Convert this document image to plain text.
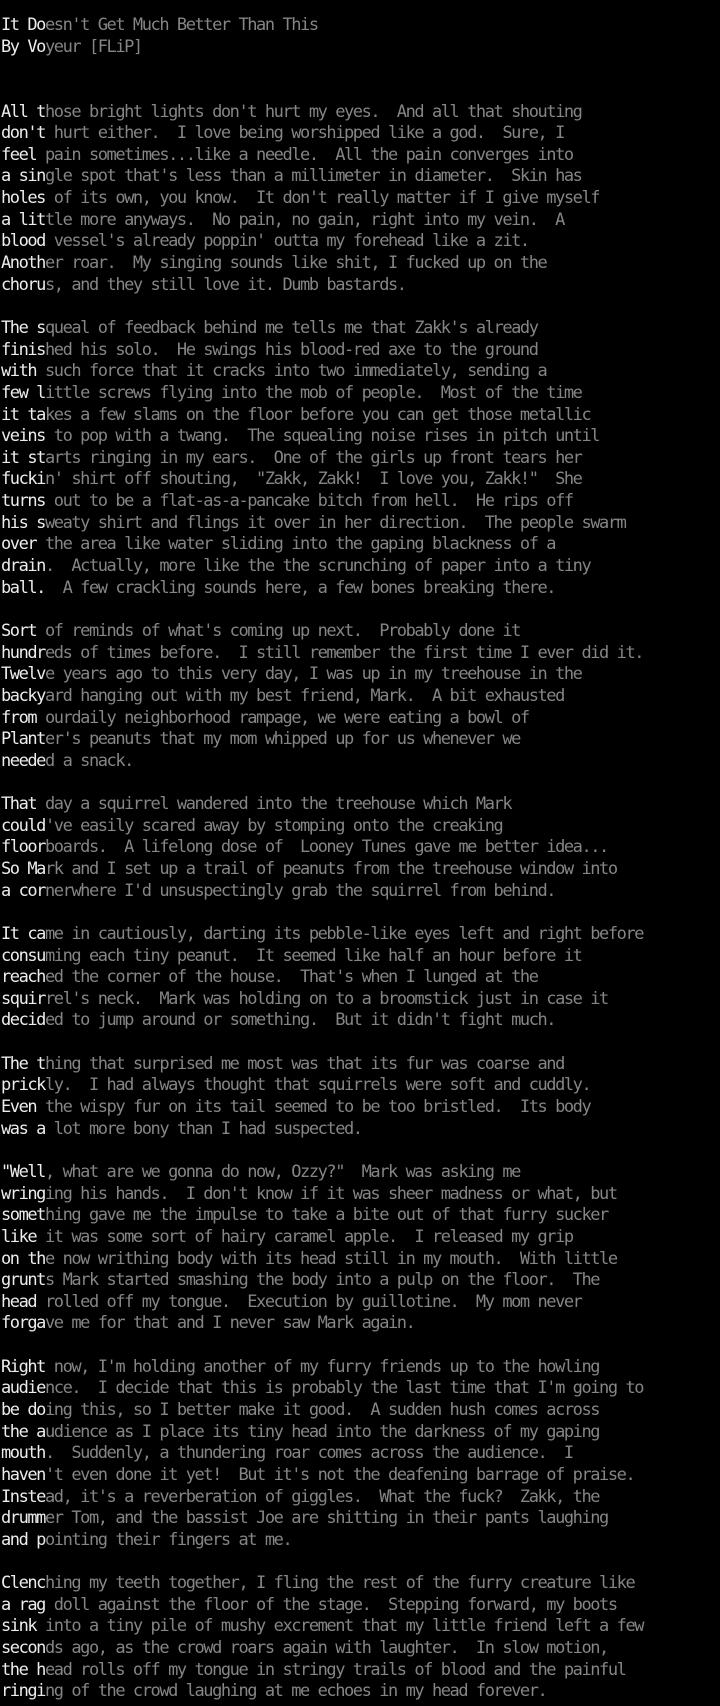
It Doesn't Get Much Better Than This
By Voyeur [FLiP]
All those bright lights don't hurt my eyes.  And all that shouting
don't hurt either.  I love being worshipped like a god.  Sure, I
feel pain sometimes...like a needle.  All the pain converges into
a single spot that's less than a millimeter in diameter.  Skin has
holes of its own, you know.  It don't really matter if I give myself
a little more anyways.  No pain, no gain, right into my vein.  A
blood vessel's already poppin' outta my forehead like a zit.
Another roar.  My singing sounds like shit, I fucked up on the
chorus, and they still love it. Dumb bastards.
The squeal of feedback behind me tells me that Zakk's already
finished his solo.  He swings his blood-red axe to the ground
with such force that it cracks into two immediately, sending a
few little screws flying into the mob of people.  Most of the time
it takes a few slams on the floor before you can get those metallic
veins to pop with a twang.  The squealing noise rises in pitch until
it starts ringing in my ears.  One of the girls up front tears her
fuckin' shirt off shouting,  "Zakk, Zakk!  I love you, Zakk!"  She
turns out to be a flat-as-a-pancake bitch from hell.  He rips off
his sweaty shirt and flings it over in her direction.  The people swarm
over the area like water sliding into the gaping blackness of a
drain.  Actually, more like the the scrunching of paper into a tiny
ball.  A few crackling sounds here, a few bones breaking there.
Sort of reminds of what's coming up next.  Probably done it
hundreds of times before.  I still remember the first time I ever did it.
Twelve years ago to this very day, I was up in my treehouse in the
backyard hanging out with my best friend, Mark.  A bit exhausted
from ourdaily neighborhood rampage, we were eating a bowl of
Planter's peanuts that my mom whipped up for us whenever we
needed a snack.
That day a squirrel wandered into the treehouse which Mark
could've easily scared away by stomping onto the creaking
floorboards.  A lifelong dose of  Looney Tunes gave me better idea...
So Mark and I set up a trail of peanuts from the treehouse window into
a cornerwhere I'd unsuspectingly grab the squirrel from behind.
It came in cautiously, darting its pebble-like eyes left and right before
consuming each tiny peanut.  It seemed like half an hour before it
reached the corner of the house.  That's when I lunged at the
squirrel's neck.  Mark was holding on to a broomstick just in case it
decided to jump around or something.  But it didn't fight much.
The thing that surprised me most was that its fur was coarse and
prickly.  I had always thought that squirrels were soft and cuddly.
Even the wispy fur on its tail seemed to be too bristled.  Its body
was a lot more bony than I had suspected.
"Well, what are we gonna do now, Ozzy?"  Mark was asking me
wringing his hands.  I don't know if it was sheer madness or what, but
something gave me the impulse to take a bite out of that furry sucker
like it was some sort of hairy caramel apple.  I released my grip
on the now writhing body with its head still in my mouth.  With little
grunts Mark started smashing the body into a pulp on the floor.  The
head rolled off my tongue.  Execution by guillotine.  My mom never
forgave me for that and I never saw Mark again.
Right now, I'm holding another of my furry friends up to the howling
audience.  I decide that this is probably the last time that I'm going to
be doing this, so I better make it good.  A sudden hush comes across
the audience as I place its tiny head into the darkness of my gaping
mouth.  Suddenly, a thundering roar comes across the audience.  I
haven't even done it yet!  But it's not the deafening barrage of praise.
Instead, it's a reverberation of giggles.  What the fuck?  Zakk, the
drummer Tom, and the bassist Joe are shitting in their pants laughing
and pointing their fingers at me.
Clenching my teeth together, I fling the rest of the furry creature like
a rag doll against the floor of the stage.  Stepping forward, my boots
sink into a tiny pile of mushy excrement that my little friend left a few
seconds ago, as the crowd roars again with laughter.  In slow motion,
the head rolls off my tongue in stringy trails of blood and the painful
ringing of the crowd laughing at me echoes in my head forever.
